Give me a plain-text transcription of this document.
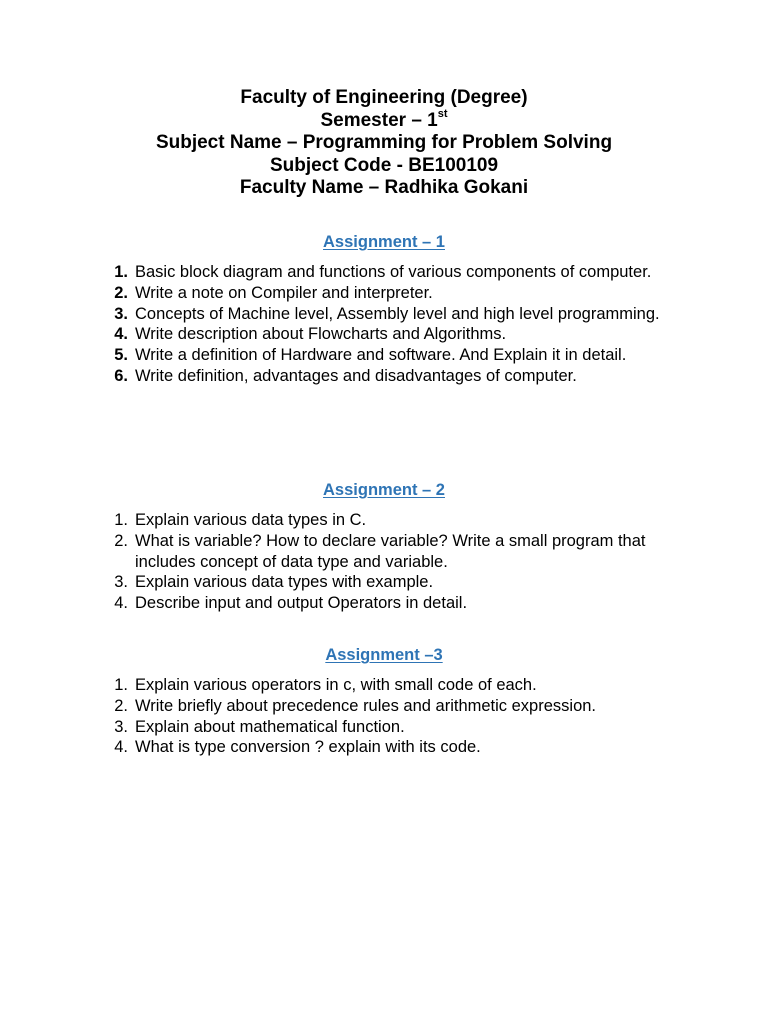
Faculty of Engineering (Degree)
Semester – 1st
Subject Name – Programming for Problem Solving
Subject Code - BE100109
Faculty Name – Radhika Gokani
Assignment – 1
1. Basic block diagram and functions of various components of computer.
2. Write a note on Compiler and interpreter.
3. Concepts of Machine level, Assembly level and high level programming.
4. Write description about Flowcharts and Algorithms.
5. Write a definition of Hardware and software. And Explain it in detail.
6. Write definition, advantages and disadvantages of computer.
Assignment – 2
1. Explain various data types in C.
2. What is variable? How to declare variable? Write a small program that includes concept of data type and variable.
3. Explain various data types with example.
4. Describe input and output Operators in detail.
Assignment –3
1. Explain various operators in c, with small code of each.
2. Write briefly about precedence rules and arithmetic expression.
3. Explain about mathematical function.
4. What is type conversion ? explain with its code.
